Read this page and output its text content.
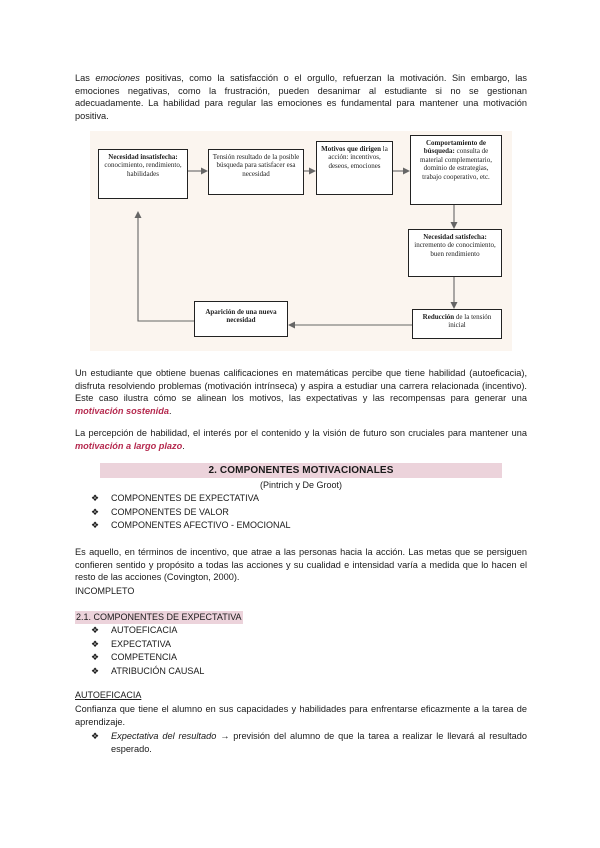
Las emociones positivas, como la satisfacción o el orgullo, refuerzan la motivación. Sin embargo, las emociones negativas, como la frustración, pueden desanimar al estudiante si no se gestionan adecuadamente. La habilidad para regular las emociones es fundamental para mantener una motivación positiva.

Necesidad insatisfecha:
conocimiento, rendimiento, habilidades
Tensión resultado de la posible búsqueda para satisfacer esa necesidad
Motivos que dirigen la acción: incentivos, deseos, emociones
Comportamiento de búsqueda: consulta de material complementario, dominio de estrategias, trabajo cooperativo, etc.
Necesidad satisfecha: incremento de conocimiento, buen rendimiento
Reducción de la tensión inicial
Aparición de una nueva necesidad

Un estudiante que obtiene buenas calificaciones en matemáticas percibe que tiene habilidad (autoeficacia), disfruta resolviendo problemas (motivación intrínseca) y aspira a estudiar una carrera relacionada (incentivo). Este caso ilustra cómo se alinean los motivos, las expectativas y las recompensas para generar una motivación sostenida.

La percepción de habilidad, el interés por el contenido y la visión de futuro son cruciales para mantener una motivación a largo plazo.

2. COMPONENTES MOTIVACIONALES
(Pintrich y De Groot)
❖ COMPONENTES DE EXPECTATIVA
❖ COMPONENTES DE VALOR
❖ COMPONENTES AFECTIVO - EMOCIONAL

Es aquello, en términos de incentivo, que atrae a las personas hacia la acción. Las metas que se persiguen confieren sentido y propósito a todas las acciones y su cualidad e intensidad varía a medida que lo hacen el resto de las acciones (Covington, 2000).

INCOMPLETO
2.1. COMPONENTES DE EXPECTATIVA
❖ AUTOEFICACIA
❖ EXPECTATIVA
❖ COMPETENCIA
❖ ATRIBUCIÓN CAUSAL
AUTOEFICACIA

Confianza que tiene el alumno en sus capacidades y habilidades para enfrentarse eficazmente a la tarea de aprendizaje.

❖ Expectativa del resultado → previsión del alumno de que la tarea a realizar le llevará al resultado esperado.
